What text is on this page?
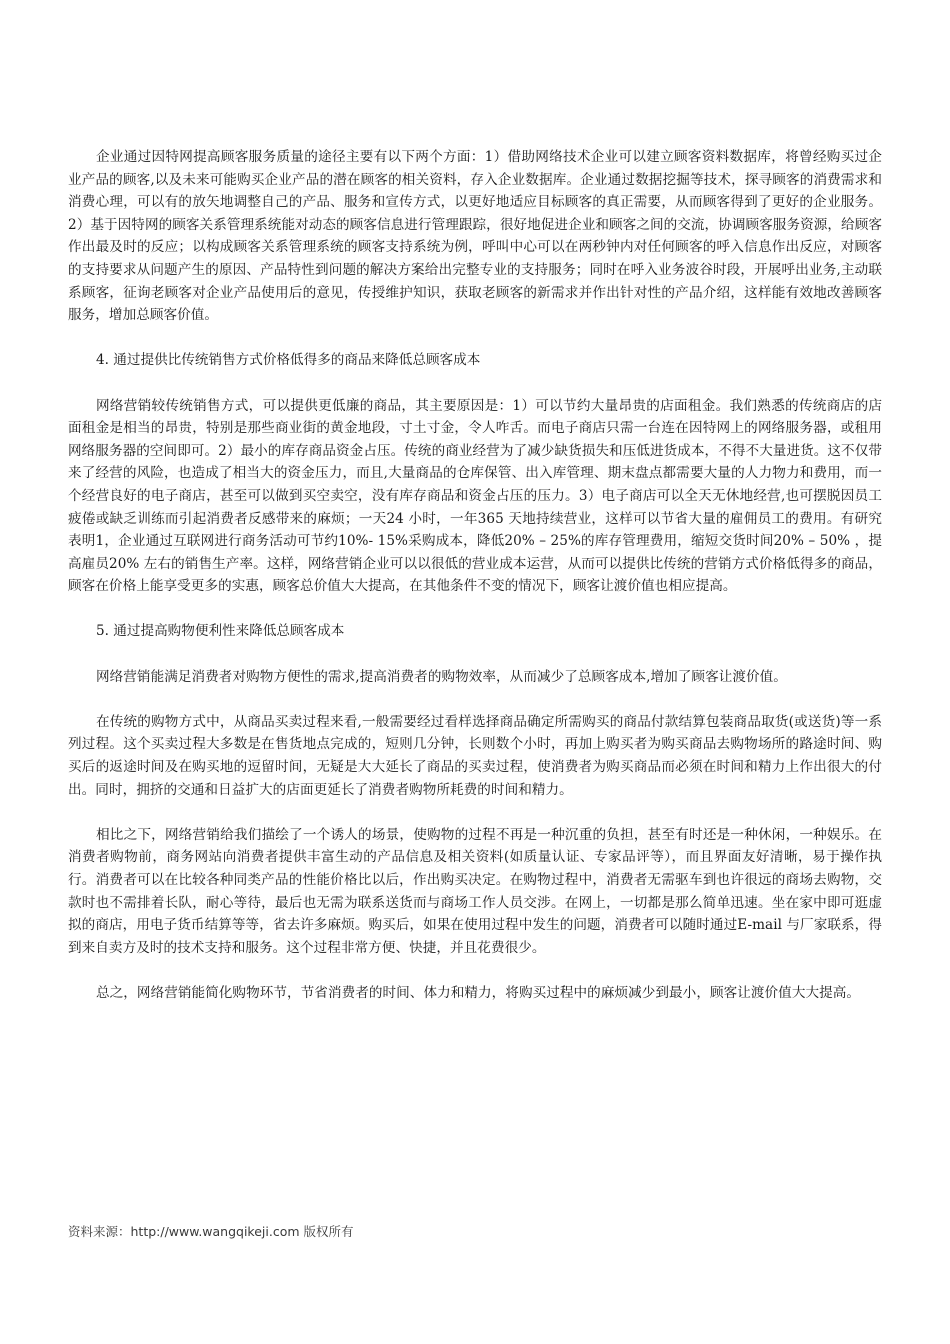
企业通过因特网提高顾客服务质量的途径主要有以下两个方面：1）借助网络技术企业可以建立顾客资料数据库，将曾经购买过企业产品的顾客,以及未来可能购买企业产品的潜在顾客的相关资料，存入企业数据库。企业通过数据挖掘等技术，探寻顾客的消费需求和消费心理，可以有的放矢地调整自己的产品、服务和宣传方式，以更好地适应目标顾客的真正需要，从而顾客得到了更好的企业服务。2）基于因特网的顾客关系管理系统能对动态的顾客信息进行管理跟踪，很好地促进企业和顾客之间的交流，协调顾客服务资源，给顾客作出最及时的反应；以构成顾客关系管理系统的顾客支持系统为例，呼叫中心可以在两秒钟内对任何顾客的呼入信息作出反应，对顾客的支持要求从问题产生的原因、产品特性到问题的解决方案给出完整专业的支持服务；同时在呼入业务波谷时段，开展呼出业务,主动联系顾客，征询老顾客对企业产品使用后的意见，传授维护知识，获取老顾客的新需求并作出针对性的产品介绍，这样能有效地改善顾客服务，增加总顾客价值。

4. 通过提供比传统销售方式价格低得多的商品来降低总顾客成本

网络营销较传统销售方式，可以提供更低廉的商品，其主要原因是：1）可以节约大量昂贵的店面租金。我们熟悉的传统商店的店面租金是相当的昂贵，特别是那些商业街的黄金地段，寸土寸金，令人咋舌。而电子商店只需一台连在因特网上的网络服务器，或租用网络服务器的空间即可。2）最小的库存商品资金占压。传统的商业经营为了减少缺货损失和压低进货成本，不得不大量进货。这不仅带来了经营的风险，也造成了相当大的资金压力，而且,大量商品的仓库保管、出入库管理、期末盘点都需要大量的人力物力和费用，而一个经营良好的电子商店，甚至可以做到买空卖空，没有库存商品和资金占压的压力。3）电子商店可以全天无休地经营,也可摆脱因员工疲倦或缺乏训练而引起消费者反感带来的麻烦；一天24 小时，一年365 天地持续营业，这样可以节省大量的雇佣员工的费用。有研究表明1，企业通过互联网进行商务活动可节约10%- 15%采购成本，降低20% – 25%的库存管理费用，缩短交货时间20% – 50% ，提高雇员20% 左右的销售生产率。这样，网络营销企业可以以很低的营业成本运营，从而可以提供比传统的营销方式价格低得多的商品，顾客在价格上能享受更多的实惠，顾客总价值大大提高，在其他条件不变的情况下，顾客让渡价值也相应提高。

5. 通过提高购物便利性来降低总顾客成本

网络营销能满足消费者对购物方便性的需求,提高消费者的购物效率，从而减少了总顾客成本,增加了顾客让渡价值。

在传统的购物方式中，从商品买卖过程来看,一般需要经过看样选择商品确定所需购买的商品付款结算包装商品取货(或送货)等一系列过程。这个买卖过程大多数是在售货地点完成的，短则几分钟，长则数个小时，再加上购买者为购买商品去购物场所的路途时间、购买后的返途时间及在购买地的逗留时间，无疑是大大延长了商品的买卖过程，使消费者为购买商品而必须在时间和精力上作出很大的付出。同时，拥挤的交通和日益扩大的店面更延长了消费者购物所耗费的时间和精力。

相比之下，网络营销给我们描绘了一个诱人的场景，使购物的过程不再是一种沉重的负担，甚至有时还是一种休闲，一种娱乐。在消费者购物前，商务网站向消费者提供丰富生动的产品信息及相关资料(如质量认证、专家品评等），而且界面友好清晰，易于操作执行。消费者可以在比较各种同类产品的性能价格比以后，作出购买决定。在购物过程中，消费者无需驱车到也许很远的商场去购物，交款时也不需排着长队，耐心等待，最后也无需为联系送货而与商场工作人员交涉。在网上，一切都是那么简单迅速。坐在家中即可逛虚拟的商店，用电子货币结算等等，省去许多麻烦。购买后，如果在使用过程中发生的问题，消费者可以随时通过E-mail 与厂家联系，得到来自卖方及时的技术支持和服务。这个过程非常方便、快捷，并且花费很少。

总之，网络营销能简化购物环节，节省消费者的时间、体力和精力，将购买过程中的麻烦减少到最小，顾客让渡价值大大提高。

资料来源：http://www.wangqikeji.com 版权所有
